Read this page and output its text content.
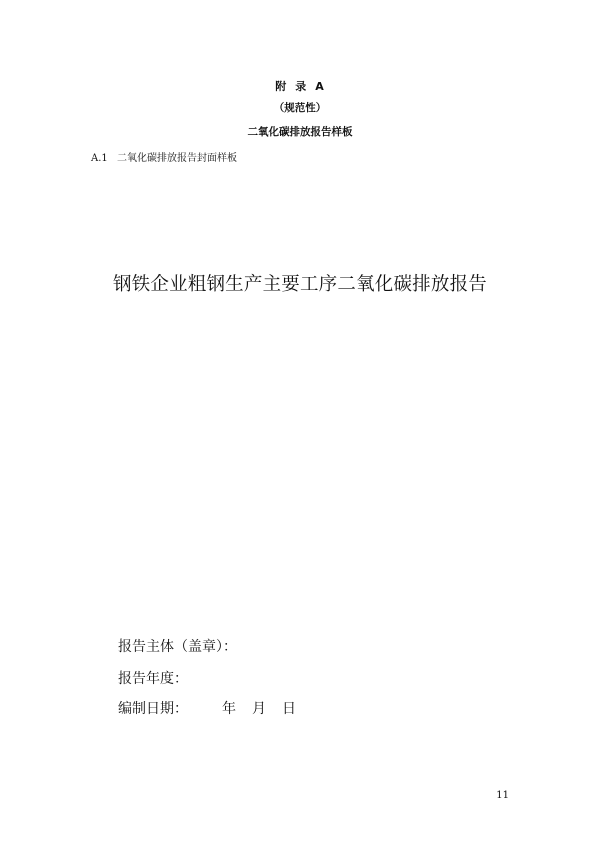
附 录 A
（规范性）
二氧化碳排放报告样板
A.1 二氧化碳排放报告封面样板
钢铁企业粗钢生产主要工序二氧化碳排放报告
报告主体（盖章）：
报告年度：
编制日期： 年 月 日
11
